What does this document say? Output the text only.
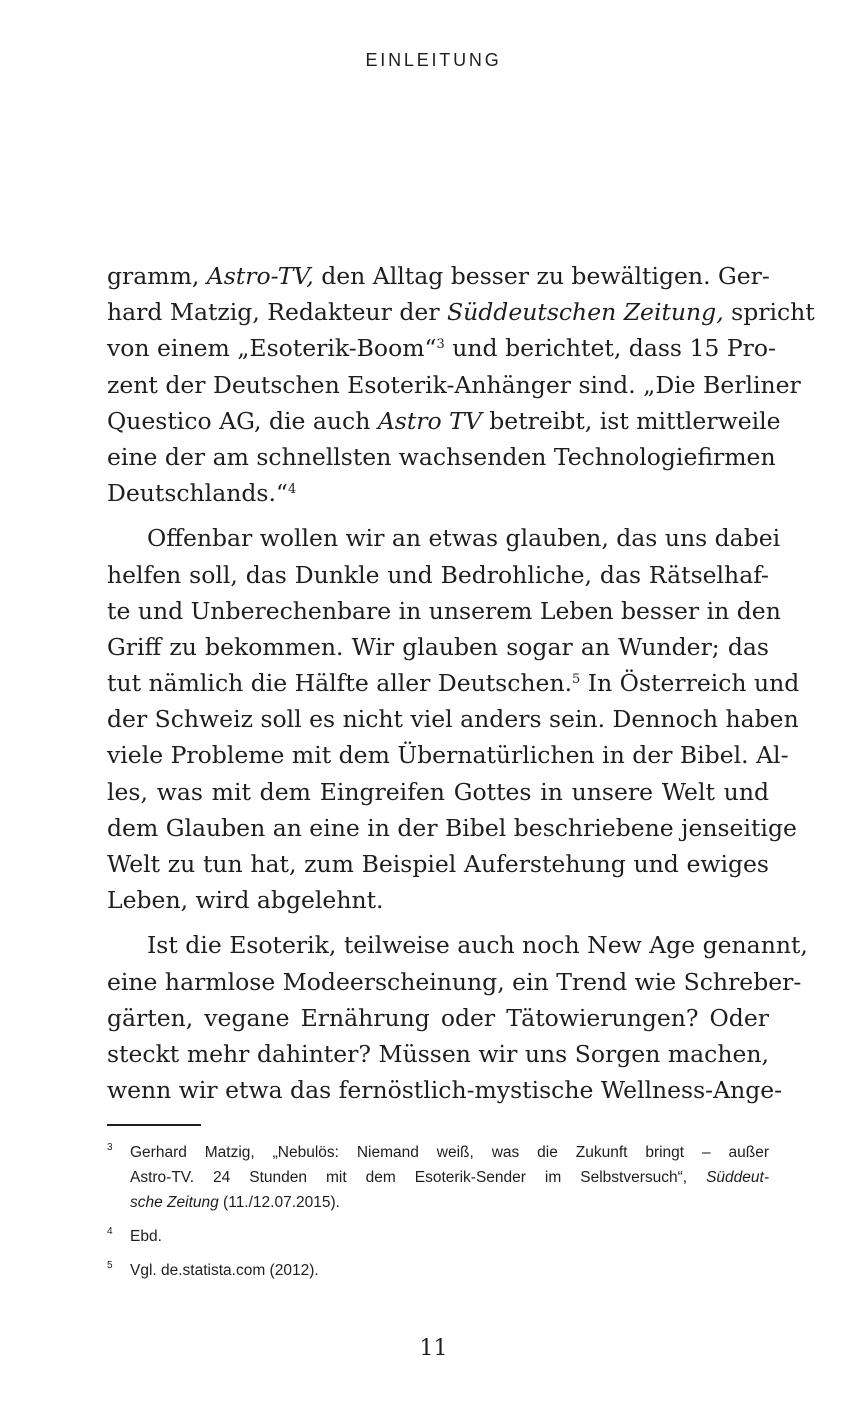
EINLEITUNG
gramm, Astro-TV, den Alltag besser zu bewältigen. Ger-
hard Matzig, Redakteur der Süddeutschen Zeitung, spricht
von einem „Esoterik-Boom“$^3$ und berichtet, dass 15 Pro-
zent der Deutschen Esoterik-Anhänger sind. „Die Berliner
Questico AG, die auch Astro TV betreibt, ist mittlerweile
eine der am schnellsten wachsenden Technologiefirmen
Deutschlands.“$^4$
Offenbar wollen wir an etwas glauben, das uns dabei
helfen soll, das Dunkle und Bedrohliche, das Rätselhaf-
te und Unberechenbare in unserem Leben besser in den
Griff zu bekommen. Wir glauben sogar an Wunder; das
tut nämlich die Hälfte aller Deutschen.$^5$ In Österreich und
der Schweiz soll es nicht viel anders sein. Dennoch haben
viele Probleme mit dem Übernatürlichen in der Bibel. Al-
les, was mit dem Eingreifen Gottes in unsere Welt und
dem Glauben an eine in der Bibel beschriebene jenseitige
Welt zu tun hat, zum Beispiel Auferstehung und ewiges
Leben, wird abgelehnt.
Ist die Esoterik, teilweise auch noch New Age genannt,
eine harmlose Modeerscheinung, ein Trend wie Schreber-
gärten, vegane Ernährung oder Tätowierungen? Oder
steckt mehr dahinter? Müssen wir uns Sorgen machen,
wenn wir etwa das fernöstlich-mystische Wellness-Ange-
3 Gerhard Matzig, „Nebulös: Niemand weiß, was die Zukunft bringt – außer
Astro-TV. 24 Stunden mit dem Esoterik-Sender im Selbstversuch“, Süddeut-
sche Zeitung (11./12.07.2015).
4 Ebd.
5 Vgl. de.statista.com (2012).
11
